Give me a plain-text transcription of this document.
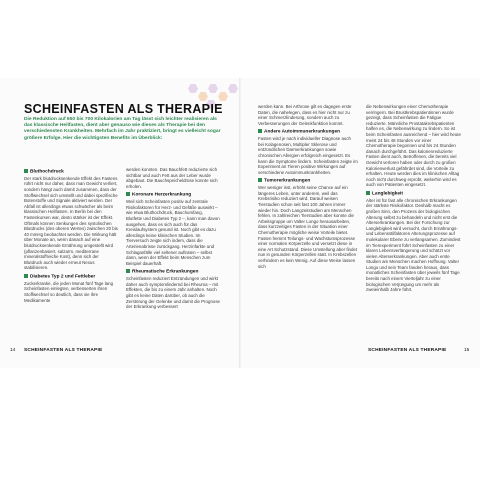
SCHEINFASTEN ALS THERAPIE
Die Reduktion auf 650 bis 700 Kilokalorien am Tag lässt sich leichter realisieren als das klassische Heilfasten, dient aber genauso wie dieses als Therapie bei den verschiedensten Krankheiten. Mehrfach im Jahr praktiziert, bringt es vielleicht sogar größere Erfolge. Hier die wichtigsten Benefits im Überblick:
Bluthochdruck

Der stark blutdrucksenkende Effekt des Fastens rührt nicht nur daher, dass man Gewicht verliert, sondern hängt auch damit zusammen, dass der Stoffwechsel sich umstellt und dabei spezifische Botenstoffe und Signale aktiviert werden. Der Abfall ist allerdings etwas schwächer als beim klassischen Heilfasten. In Berlin bei den Fastenkursen war, desto stärker ist der Effekt. Oftmals können Senkungen des systolischen Blutdrucks (des oberen Wertes) zwischen 20 bis 40 mmHg beobachtet werden. Die Wirkung hält über Monate an, wenn danach auf eine blutdrucksenkende Ernährung umgestellt wird (pflanzenbasiert, salzarm, mediterrane mineralstoffreiche Kost), denn sich der Blutdruck auch wieder erneut Nexus stabilisieren.

Diabetes Typ 2 und Fettleber

Zuckerkranke, die jeden Monat fünf Tage lang Scheinfasten einlegten, verbesserten ihren Stoffwechsel so deutlich, dass sie ihre Medikamente

werden konnten. Das Bauchfett reduzierte sich sichtbar und auch Fett aus der Leber wurde abgebaut. Die Bauchspeicheldrüse konnte sich erholen.

Koronare Herzerkrankung

Weil sich Scheinfasten positiv auf zentrale Risikofaktoren für Herz- und Gefäße auswirkt – wie etwa Bluthochdruck, Bauchumfang, Blutfette und Diabetes Typ 2 –, kann man davon ausgehen, dass es sich auch für das Kreislaufsystem gesund ist. Noch gibt es dazu allerdings keine klinischen Studien. Im Tierversuch zeigte sich indem, dass die Arterienabrisse zurückgang. Herzinfarkte und Schlaganfälle viel seltener auftraten – selbst dann, wenn der Effekt beim Menschen zum Beispiel dauerhaft.

Rheumatische Erkrankungen

Scheinfasten reduziert Entzündungen und wirkt daher auch symptomlindernd bei Rheuma – mit Effekten, die bis zu einem Jahr anhalten. Noch gibt es keine Daten darüber, ob auch die Zerstörung der Gelenke und damit die Prognose der Erkrankung verbessert

werden kann. Bei Arthrose gilt es dagegen erste Daten, die nahelegen, dass es hier nicht nur zu einer Schmerzlinderung, sondern auch zu Verbesserungen der Gelenkfunktion kommt.

Andere Autoimmunerkrankungen

Fasten wird je nach individueller Diagnose auch bei Kolagenosen, Multipler Sklerose und entzündlichen Darmerkrankungen sowie chronischen Allergien erfolgreich eingesetzt. Es kann die Symptome lindern. Scheinfasten zeigte im Experiment an Tieren positive Wirkungen auf verschiedene Autoimmunkrankheiten.

Tumorerkrankungen

Wer weniger isst, erhöht seine Chance auf ein längeres Leben, unter anderem, weil das Krebsrisiko reduziert wird. Darauf weisen Tierstudien schon seit fast 100 Jahren immer wieder hin. Doch Langzeitstudien am Menschen fehlen. In zahlreichen Tierstudien aber konnte die Arbeitsgruppe um Valter Longo herausarbeiten, dass kurzzeitiges Fasten in der Situation einer Chemotherapie mögliche weise Vorteile bietet. Fasten hemmt Teilungs- und Wachstumsprozesse einer normalen Körperzelle und versetzt diese in eine Art Schutzstand. Diese Umstellung aber findet nun in gesunden Körperzellen statt. In Krebszellen verhindern es kein Wenig. Auf diese Weise lassen sich

die Nebenwirkungen einer Chemotherapie verringern. Bei Brustkrebspatientinnen wurde gezeigt, dass Scheinfasten die Fatigue reduzierte. Männliche Prostatakrebspatienten halfen es, die Nebenwirkung zu lindern. So ist beim Scheinfasten ausreichend – hier wird heute meist 24 bis 48 Stunden vor einer Chemotherapie begonnen und bis 24 Stunden danach durchgeführt. Das kalorienreduzierte Fasten dient auch, Betroffenen, die bereits viel Gewicht verloren haben oder durch zu großen Kalorienverlust gefährdet sind, die Vorteile zu erhalten. Heute werden dies im klinischen Alltag noch nicht durchweg erprobt, weiterhin wird es auch von Patienten eingesetzt.

Langlebigkeit

Alter ist für fast alle chronischen Erkrankungen der stärkste Risikofaktor. Deshalb macht es großen Sinn, den Prozess der biologischen Alterung selbst zu behandeln und nicht erst die Alterserkrankungen. Bei der Forschung zur Langlebigkeit wird versucht, durch Ernährungs- und Lebensstilfaktoren Alterungsprozesse auf molekularer Ebene zu verlangsamen. Zumindest im Tierexperiment führt Scheinfasten zu einer klaren Lebensverlängerung und schützt vor vielen Alterserkrankungen. Aber auch erste Studien am Menschen machen Hoffnung. Valter Longo und sein Team fanden heraus, dass monatliches Scheinfasten über jeweils fünf Tage bereits nach einem Vierteljahr zu einer biologischen Verjüngung um mehr als zweieinhalb Jahre führt.

14 SCHEINFASTEN ALS THERAPIE	SCHEINFASTEN ALS THERAPIE	15
